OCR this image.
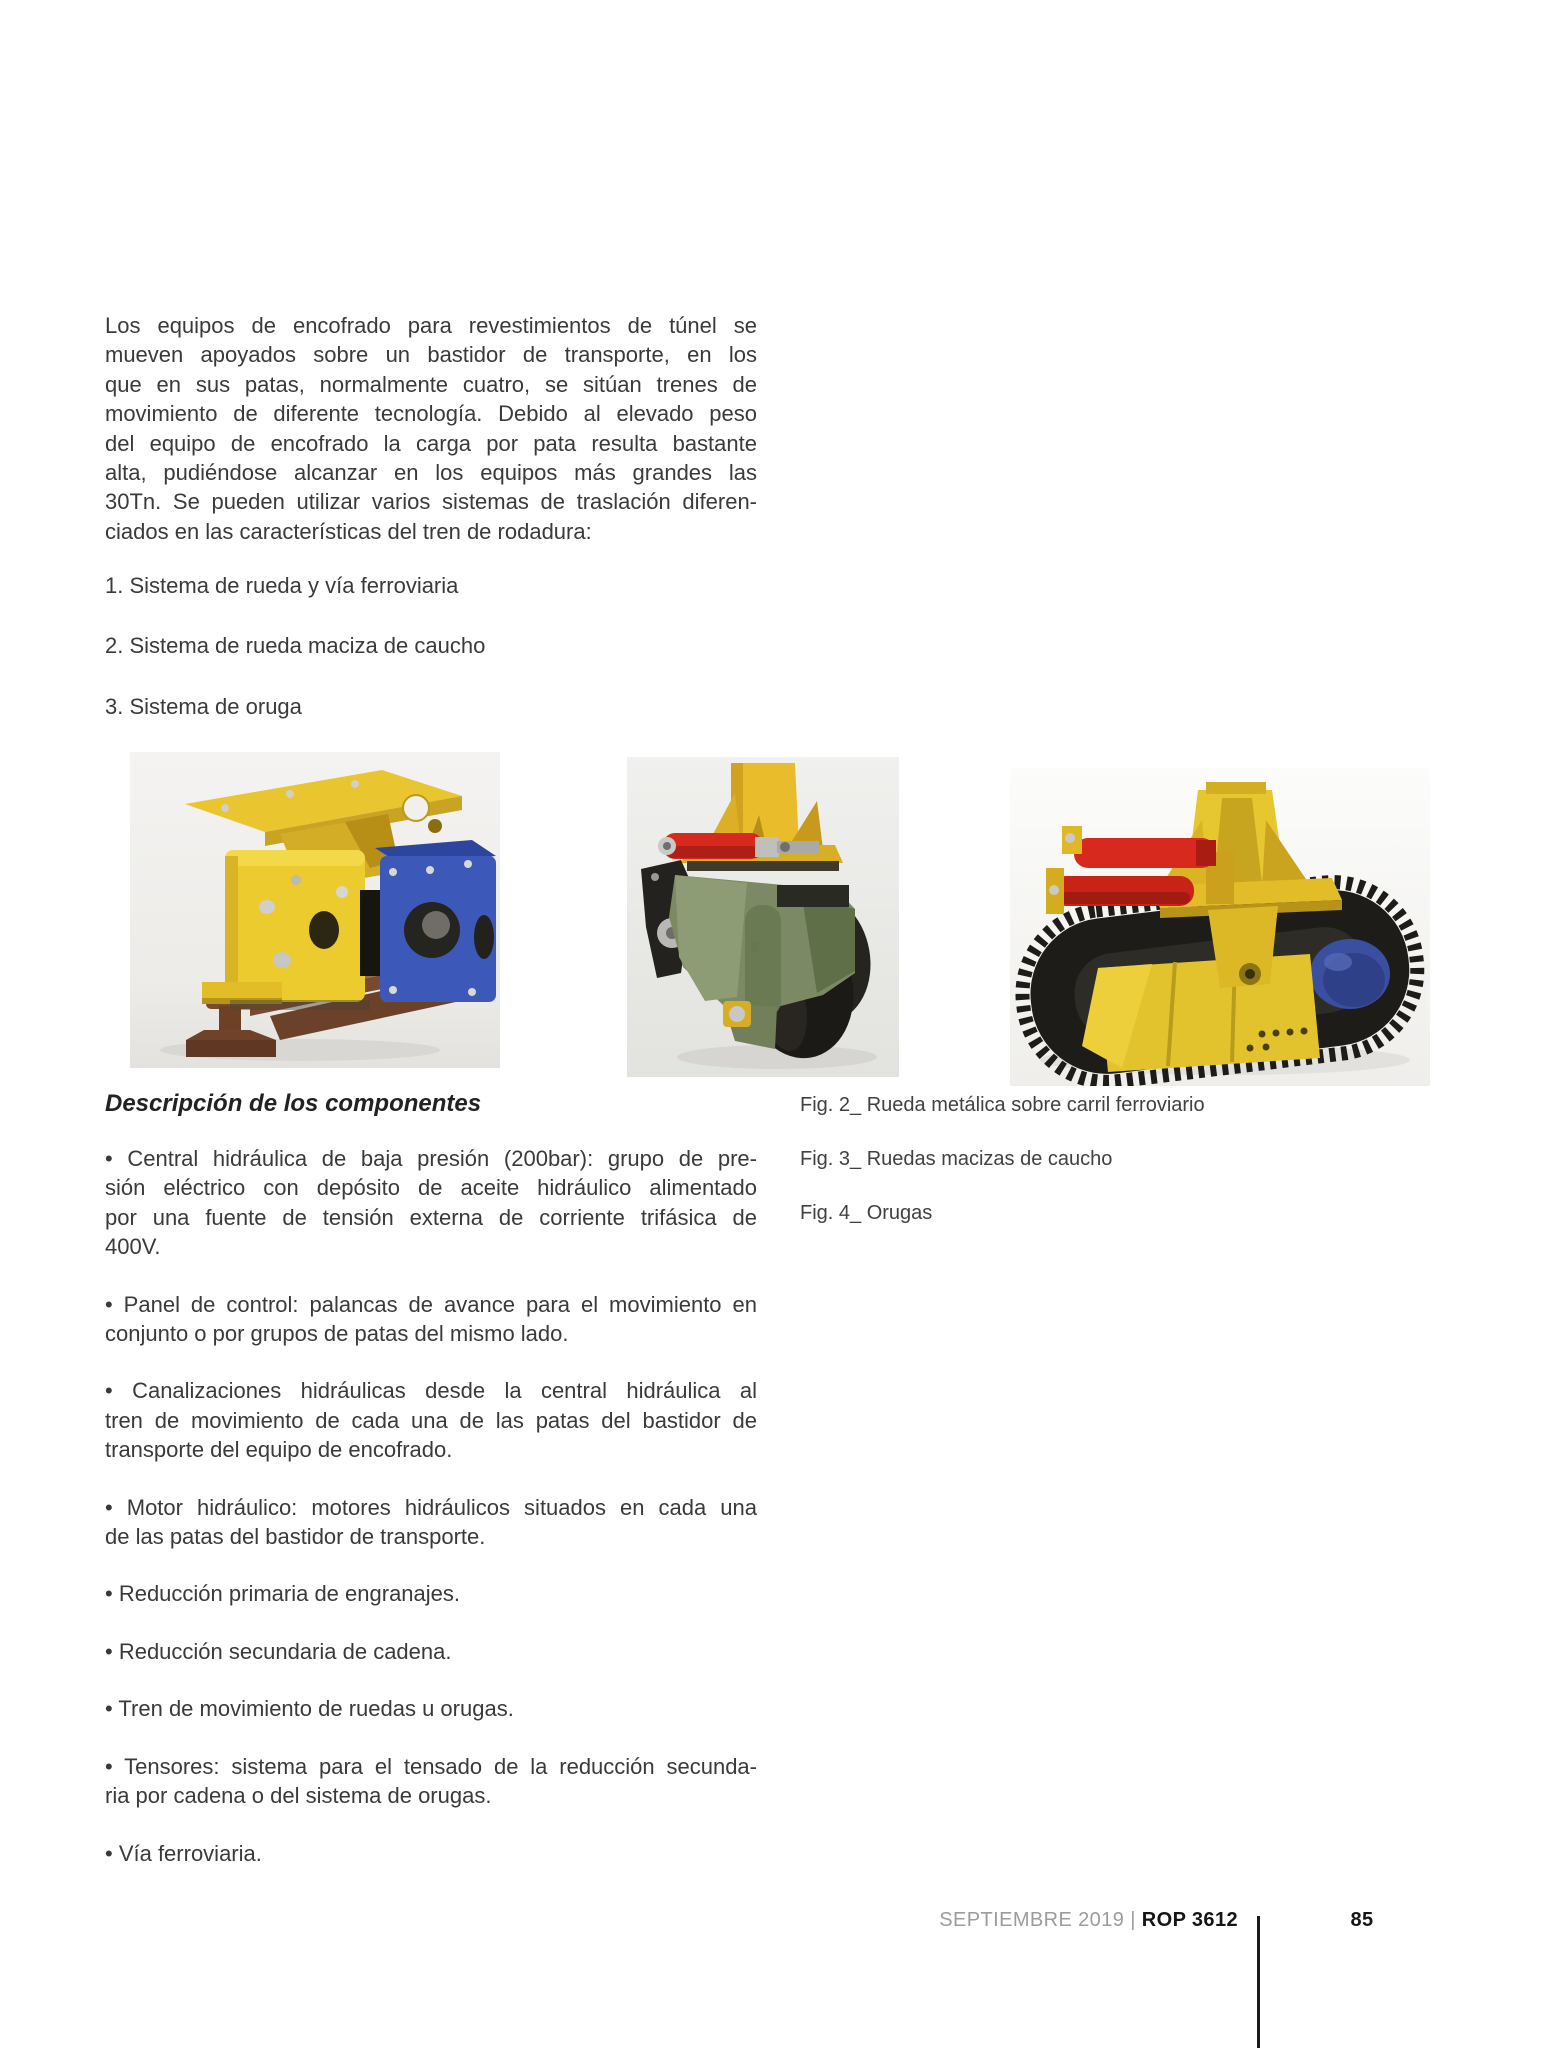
Los equipos de encofrado para revestimientos de túnel se
mueven apoyados sobre un bastidor de transporte, en los
que en sus patas, normalmente cuatro, se sitúan trenes de
movimiento de diferente tecnología. Debido al elevado peso
del equipo de encofrado la carga por pata resulta bastante
alta, pudiéndose alcanzar en los equipos más grandes las
30Tn. Se pueden utilizar varios sistemas de traslación diferen-
ciados en las características del tren de rodadura:
1. Sistema de rueda y vía ferroviaria
2. Sistema de rueda maciza de caucho
3. Sistema de oruga
Descripción de los componentes
• Central hidráulica de baja presión (200bar): grupo de pre-
sión eléctrico con depósito de aceite hidráulico alimentado
por una fuente de tensión externa de corriente trifásica de
400V.
• Panel de control: palancas de avance para el movimiento en
conjunto o por grupos de patas del mismo lado.
• Canalizaciones hidráulicas desde la central hidráulica al
tren de movimiento de cada una de las patas del bastidor de
transporte del equipo de encofrado.
• Motor hidráulico: motores hidráulicos situados en cada una
de las patas del bastidor de transporte.
• Reducción primaria de engranajes.
• Reducción secundaria de cadena.
• Tren de movimiento de ruedas u orugas.
• Tensores: sistema para el tensado de la reducción secunda-
ria por cadena o del sistema de orugas.
• Vía ferroviaria.
Fig. 2_ Rueda metálica sobre carril ferroviario
Fig. 3_ Ruedas macizas de caucho
Fig. 4_ Orugas
SEPTIEMBRE 2019 | ROP 3612	85
